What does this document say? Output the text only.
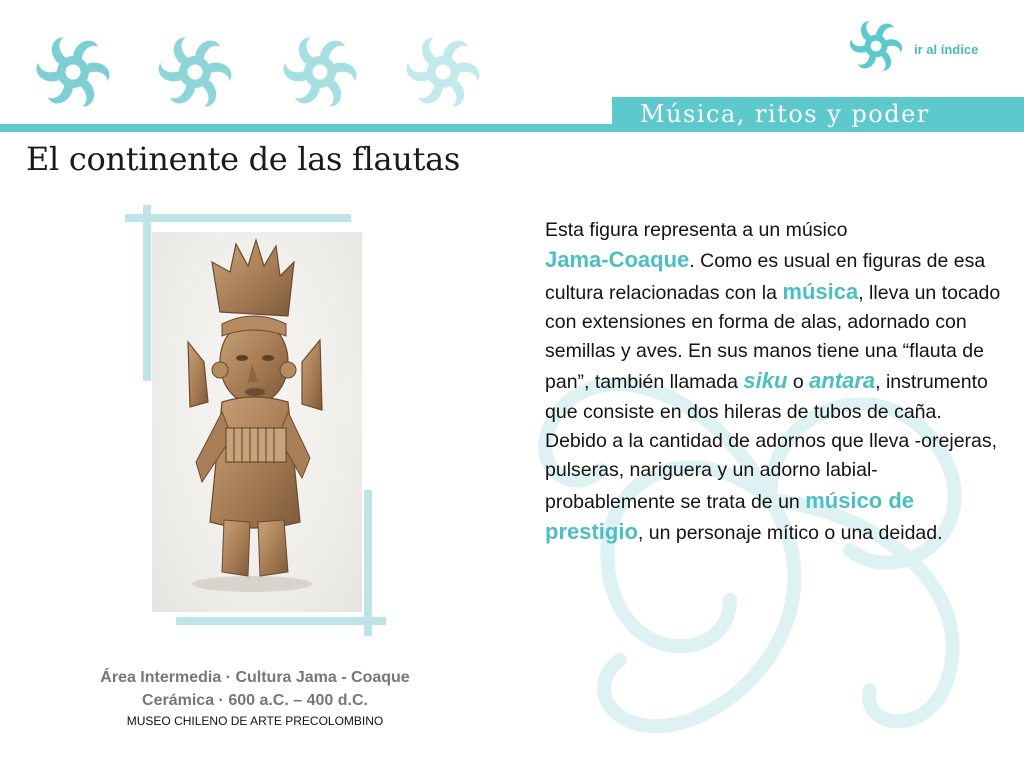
ir al índice
Música, ritos y poder
El continente de las flautas
Esta figura representa a un músico
Jama-Coaque. Como es usual en figuras de esa cultura relacionadas con la música, lleva un tocado con extensiones en forma de alas, adornado con semillas y aves. En sus manos tiene una “flauta de pan”, también llamada siku o antara, instrumento que consiste en dos hileras de tubos de caña. Debido a la cantidad de adornos que lleva -orejeras, pulseras, nariguera y un adorno labial- probablemente se trata de un músico de prestigio, un personaje mítico o una deidad.
Área Intermedia · Cultura Jama - Coaque
Cerámica · 600 a.C. – 400 d.C.
MUSEO CHILENO DE ARTE PRECOLOMBINO
